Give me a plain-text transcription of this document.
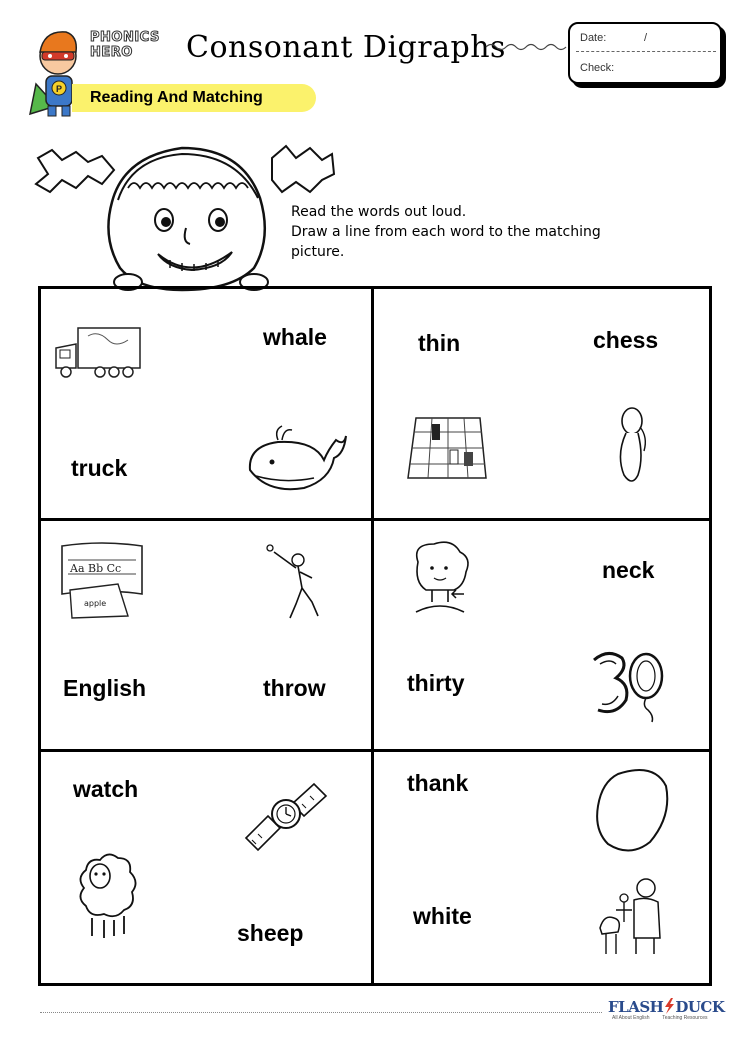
P
PHONICS
HERO Consonant Digraphs	Date:	/
Check:
Reading And Matching
Read the words out loud.
Draw a line from each word to the matching
picture.
whale
truck
thin	chess
English	throw
Aa Bb Cc
apple
neck
thirty
watch
sheep
thank
white
FLASH DUCK
All About English	Teaching Resources
